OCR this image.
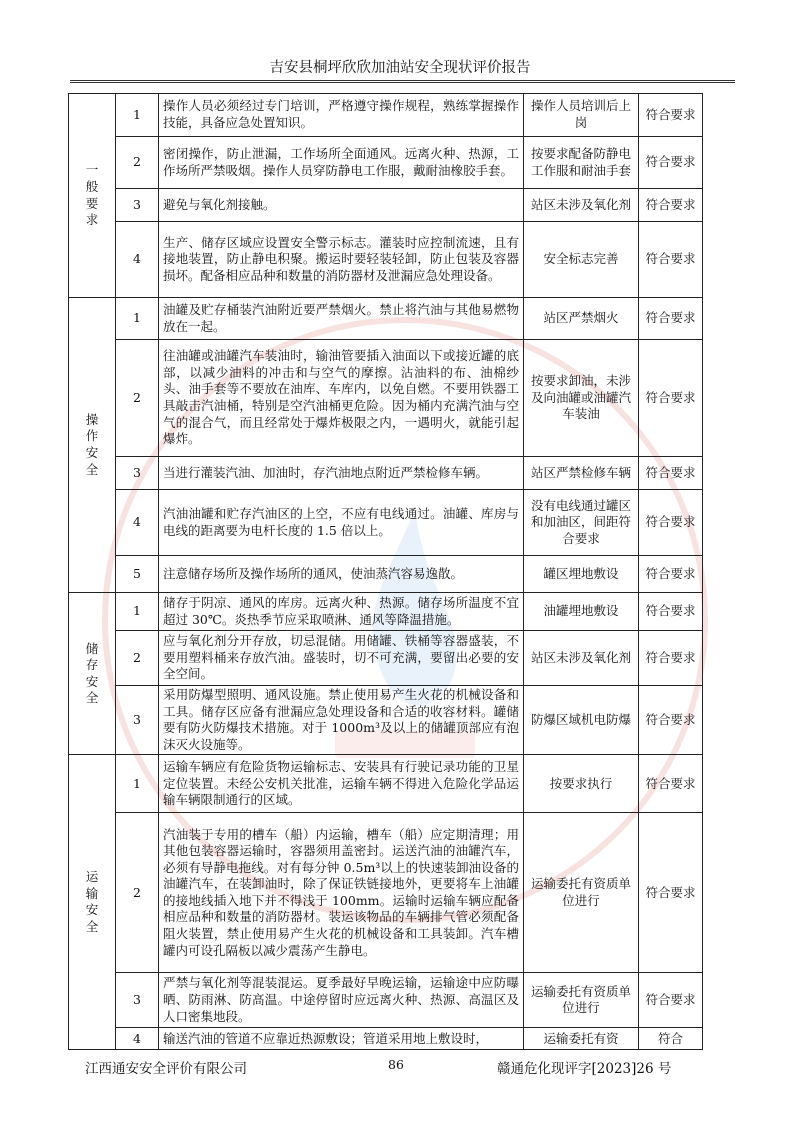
吉安县桐坪欣欣加油站安全现状评价报告
一
般
要
求	1	操作人员必须经过专门培训，严格遵守操作规程，熟练掌握操作技能，具备应急处置知识。	操作人员培训后上岗	符合要求
	2	密闭操作，防止泄漏，工作场所全面通风。远离火种、热源，工作场所严禁吸烟。操作人员穿防静电工作服，戴耐油橡胶手套。	按要求配备防静电工作服和耐油手套	符合要求
	3	避免与氧化剂接触。	站区未涉及氧化剂	符合要求
	4	生产、储存区域应设置安全警示标志。灌装时应控制流速，且有接地装置，防止静电积聚。搬运时要轻装轻卸，防止包装及容器损坏。配备相应品种和数量的消防器材及泄漏应急处理设备。	安全标志完善	符合要求
操
作
安
全	1	油罐及贮存桶装汽油附近要严禁烟火。禁止将汽油与其他易燃物放在一起。	站区严禁烟火	符合要求
	2	往油罐或油罐汽车装油时，输油管要插入油面以下或接近罐的底部，以减少油料的冲击和与空气的摩擦。沾油料的布、油棉纱头、油手套等不要放在油库、车库内，以免自燃。不要用铁器工具敲击汽油桶，特别是空汽油桶更危险。因为桶内充满汽油与空气的混合气，而且经常处于爆炸极限之内，一遇明火，就能引起爆炸。	按要求卸油，未涉及向油罐或油罐汽车装油	符合要求
	3	当进行灌装汽油、加油时，存汽油地点附近严禁检修车辆。	站区严禁检修车辆	符合要求
	4	汽油油罐和贮存汽油区的上空，不应有电线通过。油罐、库房与电线的距离要为电杆长度的 1.5 倍以上。	没有电线通过罐区和加油区，间距符合要求	符合要求
	5	注意储存场所及操作场所的通风，使油蒸汽容易逸散。	罐区埋地敷设	符合要求
储
存
安
全	1	储存于阴凉、通风的库房。远离火种、热源。储存场所温度不宜超过 30℃。炎热季节应采取喷淋、通风等降温措施。	油罐埋地敷设	符合要求
	2	应与氧化剂分开存放，切忌混储。用储罐、铁桶等容器盛装，不要用塑料桶来存放汽油。盛装时，切不可充满，要留出必要的安全空间。	站区未涉及氧化剂	符合要求
	3	采用防爆型照明、通风设施。禁止使用易产生火花的机械设备和工具。储存区应备有泄漏应急处理设备和合适的收容材料。罐储要有防火防爆技术措施。对于 1000m³及以上的储罐顶部应有泡沫灭火设施等。	防爆区域机电防爆	符合要求
运
输
安
全	1	运输车辆应有危险货物运输标志、安装具有行驶记录功能的卫星定位装置。未经公安机关批准，运输车辆不得进入危险化学品运输车辆限制通行的区域。	按要求执行	符合要求
	2	汽油装于专用的槽车（船）内运输，槽车（船）应定期清理；用其他包装容器运输时，容器须用盖密封。运送汽油的油罐汽车，必须有导静电拖线。对有每分钟 0.5m³以上的快速装卸油设备的油罐汽车，在装卸油时，除了保证铁链接地外，更要将车上油罐的接地线插入地下并不得浅于 100mm。运输时运输车辆应配备相应品种和数量的消防器材。装运该物品的车辆排气管必须配备阻火装置，禁止使用易产生火花的机械设备和工具装卸。汽车槽罐内可设孔隔板以减少震荡产生静电。	运输委托有资质单位进行	符合要求
	3	严禁与氧化剂等混装混运。夏季最好早晚运输，运输途中应防曝晒、防雨淋、防高温。中途停留时应远离火种、热源、高温区及人口密集地段。	运输委托有资质单位进行	符合要求
	4	输送汽油的管道不应靠近热源敷设；管道采用地上敷设时，	运输委托有资	符合
江西通安安全评价有限公司	86	赣通危化现评字[2023]26 号
